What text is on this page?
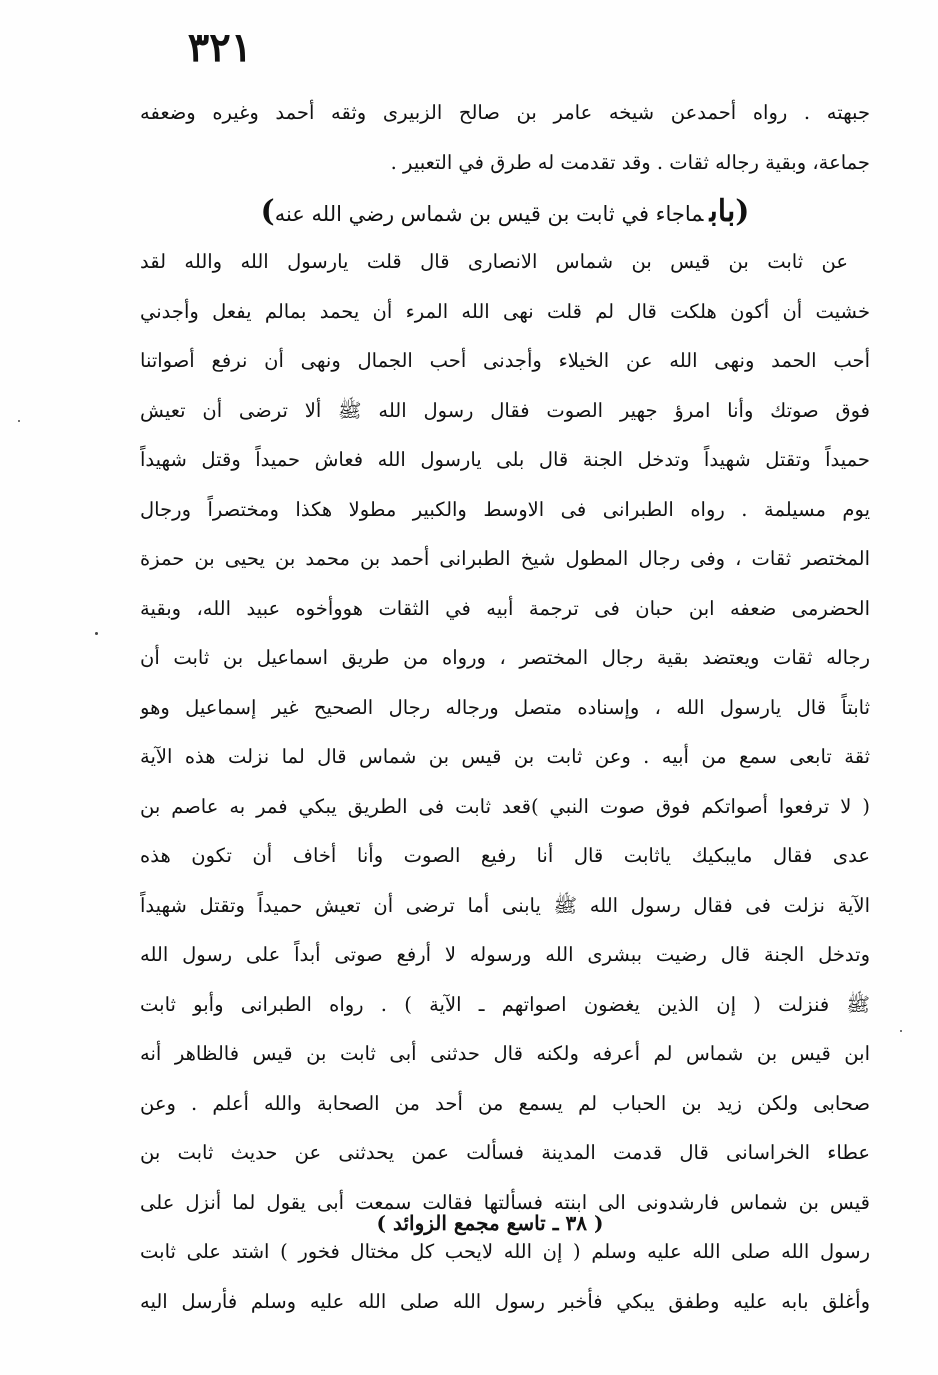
٣٢١
جبهته . رواه أحمدعن شيخه عامر بن صالح الزبيرى وثقه أحمد وغيره وضعفه
جماعة، وبقية رجاله ثقات . وقد تقدمت له طرق في التعبير .
(بابماجاء في ثابت بن قيس بن شماس رضي الله عنه)
عن ثابت بن قيس بن شماس الانصارى قال قلت يارسول الله والله لقد
خشيت أن أكون هلكت قال لم قلت نهى الله المرء أن يحمد بمالم يفعل وأجدني
أحب الحمد ونهى الله عن الخيلاء وأجدنى أحب الجمال ونهى أن نرفع أصواتنا
فوق صوتك وأنا امرؤ جهير الصوت فقال رسول الله ﷺ ألا ترضى أن تعيش
حميداً وتقتل شهيداً وتدخل الجنة قال بلى يارسول الله فعاش حميداً وقتل شهيداً
يوم مسيلمة . رواه الطبرانى فى الاوسط والكبير مطولا هكذا ومختصراً ورجال
المختصر ثقات ، وفى رجال المطول شيخ الطبرانى أحمد بن محمد بن يحيى بن حمزة
الحضرمى ضعفه ابن حبان فى ترجمة أبيه في الثقات هووأخوه عبيد الله، وبقية
رجاله ثقات ويعتضد بقية رجال المختصر ، ورواه من طريق اسماعيل بن ثابت أن
ثابتاً قال يارسول الله ، وإسناده متصل ورجاله رجال الصحيح غير إسماعيل وهو
ثقة تابعى سمع من أبيه . وعن ثابت بن قيس بن شماس قال لما نزلت هذه الآية
( لا ترفعوا أصواتكم فوق صوت النبي )قعد ثابت فى الطريق يبكي فمر به عاصم بن
عدى فقال مايبكيك ياثابت قال أنا رفيع الصوت وأنا أخاف أن تكون هذه
الآية نزلت فى فقال رسول الله ﷺ يابنى أما ترضى أن تعيش حميداً وتقتل شهيداً
وتدخل الجنة قال رضيت ببشرى الله ورسوله لا أرفع صوتى أبداً على رسول الله
ﷺ فنزلت ( إن الذين يغضون اصواتهم ـ الآية ) . رواه الطبرانى وأبو ثابت
ابن قيس بن شماس لم أعرفه ولكنه قال حدثنى أبى ثابت بن قيس فالظاهر أنه
صحابى ولكن زيد بن الحباب لم يسمع من أحد من الصحابة والله أعلم . وعن
عطاء الخراسانى قال قدمت المدينة فسألت عمن يحدثنى عن حديث ثابت بن
قيس بن شماس فارشدونى الى ابنته فسألتها فقالت سمعت أبى يقول لما أنزل على
رسول الله صلى الله عليه وسلم ( إن الله لايحب كل مختال فخور ) اشتد على ثابت
وأغلق بابه عليه وطفق يبكي فأخبر رسول الله صلى الله عليه وسلم فأرسل اليه
( ٣٨ ـ تاسع مجمع الزوائد )
